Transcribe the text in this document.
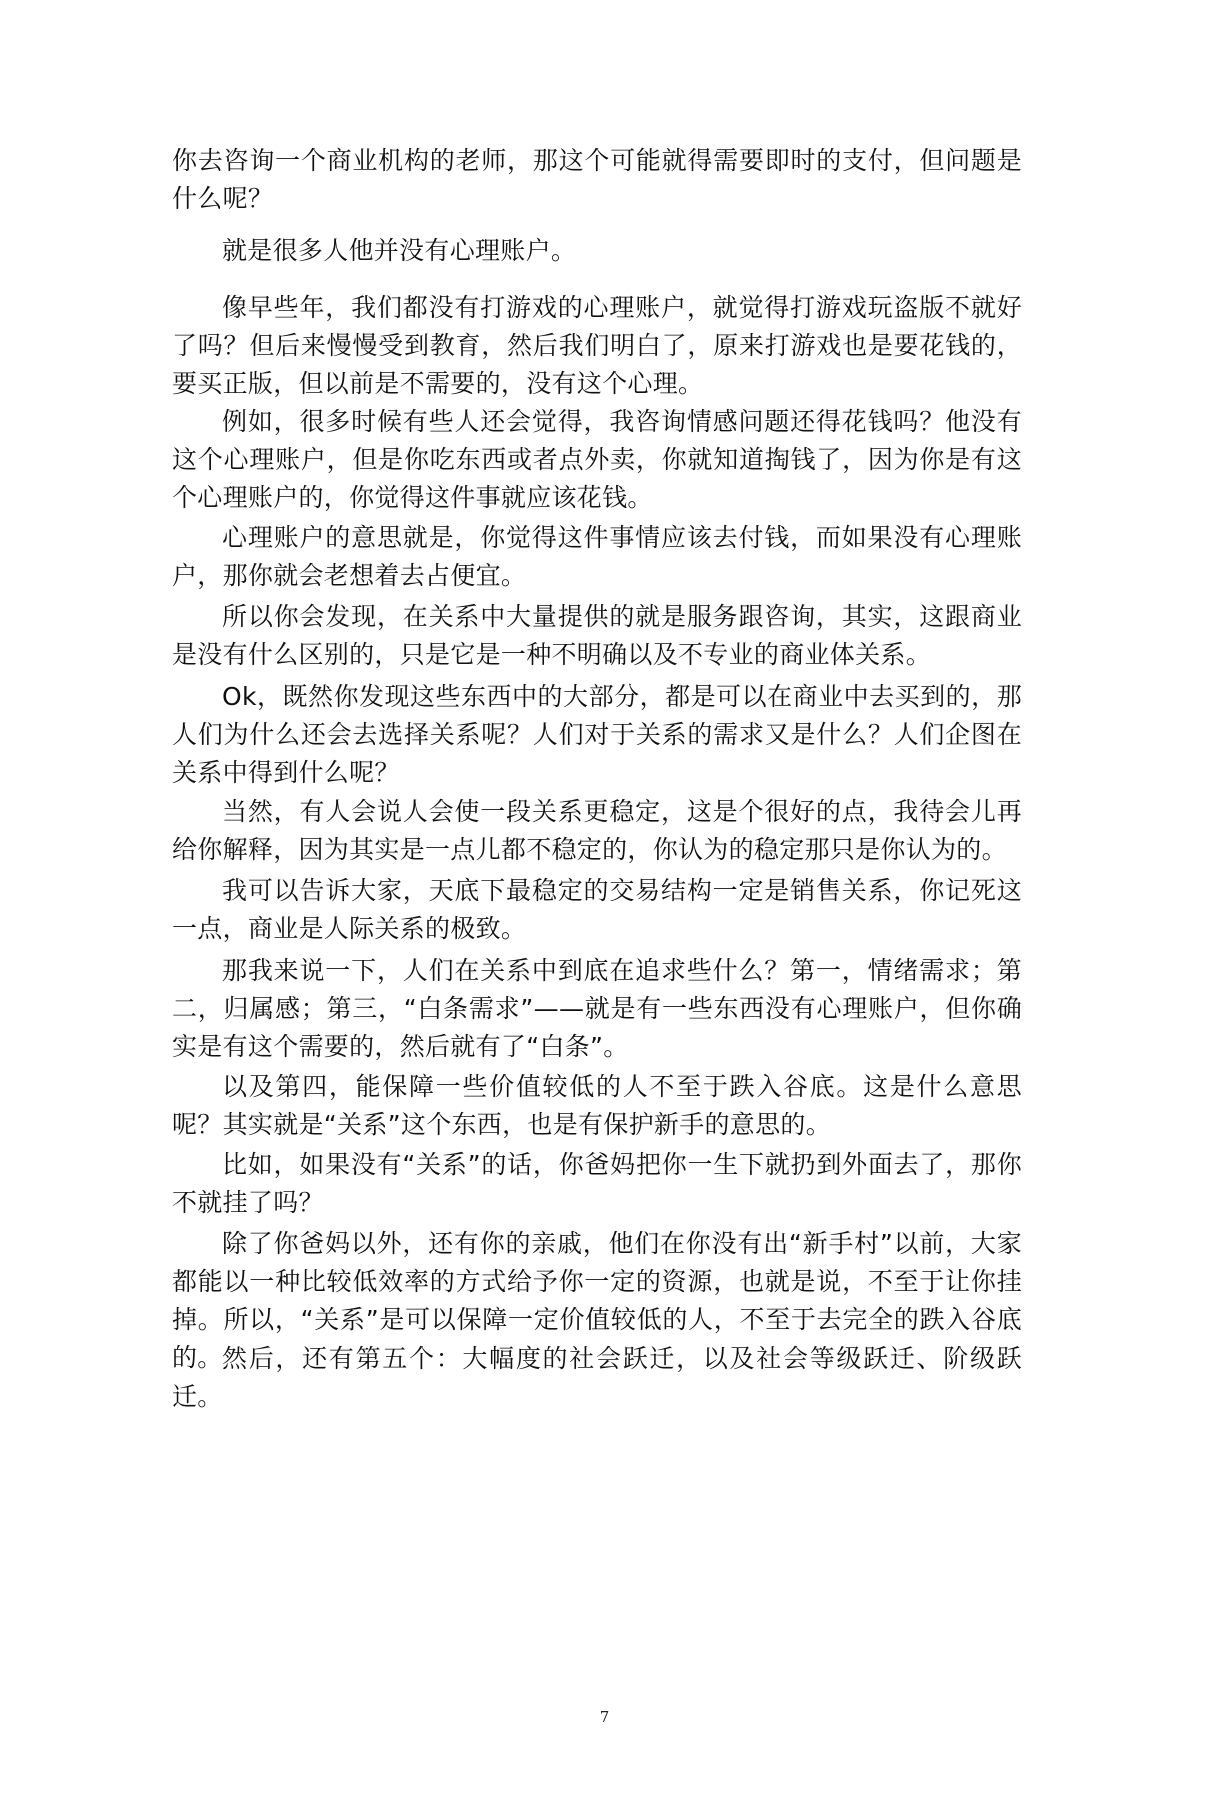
你去咨询一个商业机构的老师，那这个可能就得需要即时的支付，但问题是什么呢？

就是很多人他并没有心理账户。

像早些年，我们都没有打游戏的心理账户，就觉得打游戏玩盗版不就好了吗？但后来慢慢受到教育，然后我们明白了，原来打游戏也是要花钱的，要买正版，但以前是不需要的，没有这个心理。

例如，很多时候有些人还会觉得，我咨询情感问题还得花钱吗？他没有这个心理账户，但是你吃东西或者点外卖，你就知道掏钱了，因为你是有这个心理账户的，你觉得这件事就应该花钱。

心理账户的意思就是，你觉得这件事情应该去付钱，而如果没有心理账户，那你就会老想着去占便宜。

所以你会发现，在关系中大量提供的就是服务跟咨询，其实，这跟商业是没有什么区别的，只是它是一种不明确以及不专业的商业体关系。

Ok，既然你发现这些东西中的大部分，都是可以在商业中去买到的，那人们为什么还会去选择关系呢？人们对于关系的需求又是什么？人们企图在关系中得到什么呢？

当然，有人会说人会使一段关系更稳定，这是个很好的点，我待会儿再给你解释，因为其实是一点儿都不稳定的，你认为的稳定那只是你认为的。

我可以告诉大家，天底下最稳定的交易结构一定是销售关系，你记死这一点，商业是人际关系的极致。

那我来说一下，人们在关系中到底在追求些什么？第一，情绪需求；第二，归属感；第三，“白条需求”——就是有一些东西没有心理账户，但你确实是有这个需要的，然后就有了“白条”。

以及第四，能保障一些价值较低的人不至于跌入谷底。这是什么意思呢？其实就是“关系”这个东西，也是有保护新手的意思的。

比如，如果没有“关系”的话，你爸妈把你一生下就扔到外面去了，那你不就挂了吗？

除了你爸妈以外，还有你的亲戚，他们在你没有出“新手村”以前，大家都能以一种比较低效率的方式给予你一定的资源，也就是说，不至于让你挂掉。所以，“关系”是可以保障一定价值较低的人，不至于去完全的跌入谷底的。 然后，还有第五个：大幅度的社会跃迁，以及社会等级跃迁、阶级跃迁。

7
